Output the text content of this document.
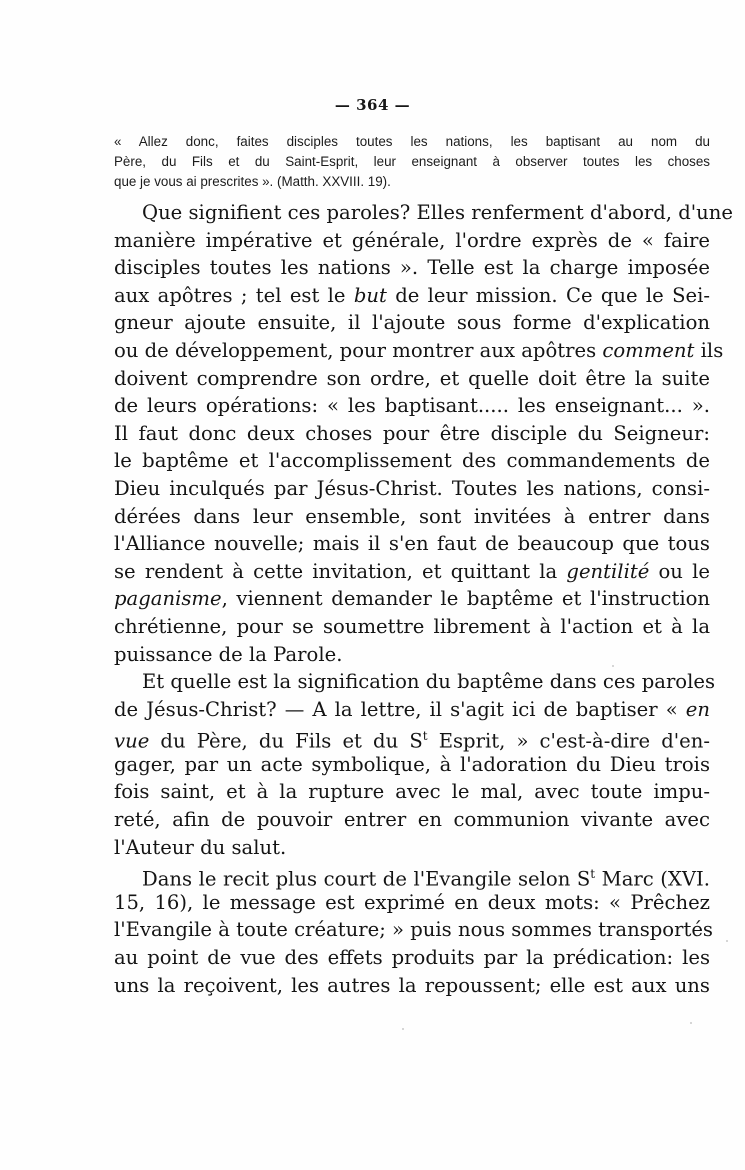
— 364 —
« Allez donc, faites disciples toutes les nations, les baptisant au nom du
Père, du Fils et du Saint-Esprit, leur enseignant à observer toutes les choses
que je vous ai prescrites ». (Matth. XXVIII. 19).
Que signifient ces paroles? Elles renferment d'abord, d'une
manière impérative et générale, l'ordre exprès de « faire
disciples toutes les nations ». Telle est la charge imposée
aux apôtres ; tel est le but de leur mission. Ce que le Sei-
gneur ajoute ensuite, il l'ajoute sous forme d'explication
ou de développement, pour montrer aux apôtres comment ils
doivent comprendre son ordre, et quelle doit être la suite
de leurs opérations: « les baptisant..... les enseignant... ».
Il faut donc deux choses pour être disciple du Seigneur:
le baptême et l'accomplissement des commandements de
Dieu inculqués par Jésus-Christ. Toutes les nations, consi-
dérées dans leur ensemble, sont invitées à entrer dans
l'Alliance nouvelle; mais il s'en faut de beaucoup que tous
se rendent à cette invitation, et quittant la gentilité ou le
paganisme, viennent demander le baptême et l'instruction
chrétienne, pour se soumettre librement à l'action et à la
puissance de la Parole.
Et quelle est la signification du baptême dans ces paroles
de Jésus-Christ? — A la lettre, il s'agit ici de baptiser « en
vue du Père, du Fils et du $S^t$ Esprit, » c'est-à-dire d'en-
gager, par un acte symbolique, à l'adoration du Dieu trois
fois saint, et à la rupture avec le mal, avec toute impu-
reté, afin de pouvoir entrer en communion vivante avec
l'Auteur du salut.
Dans le recit plus court de l'Evangile selon $S^t$ Marc (XVI.
15, 16), le message est exprimé en deux mots: « Prêchez
l'Evangile à toute créature; » puis nous sommes transportés
au point de vue des effets produits par la prédication: les
uns la reçoivent, les autres la repoussent; elle est aux uns
